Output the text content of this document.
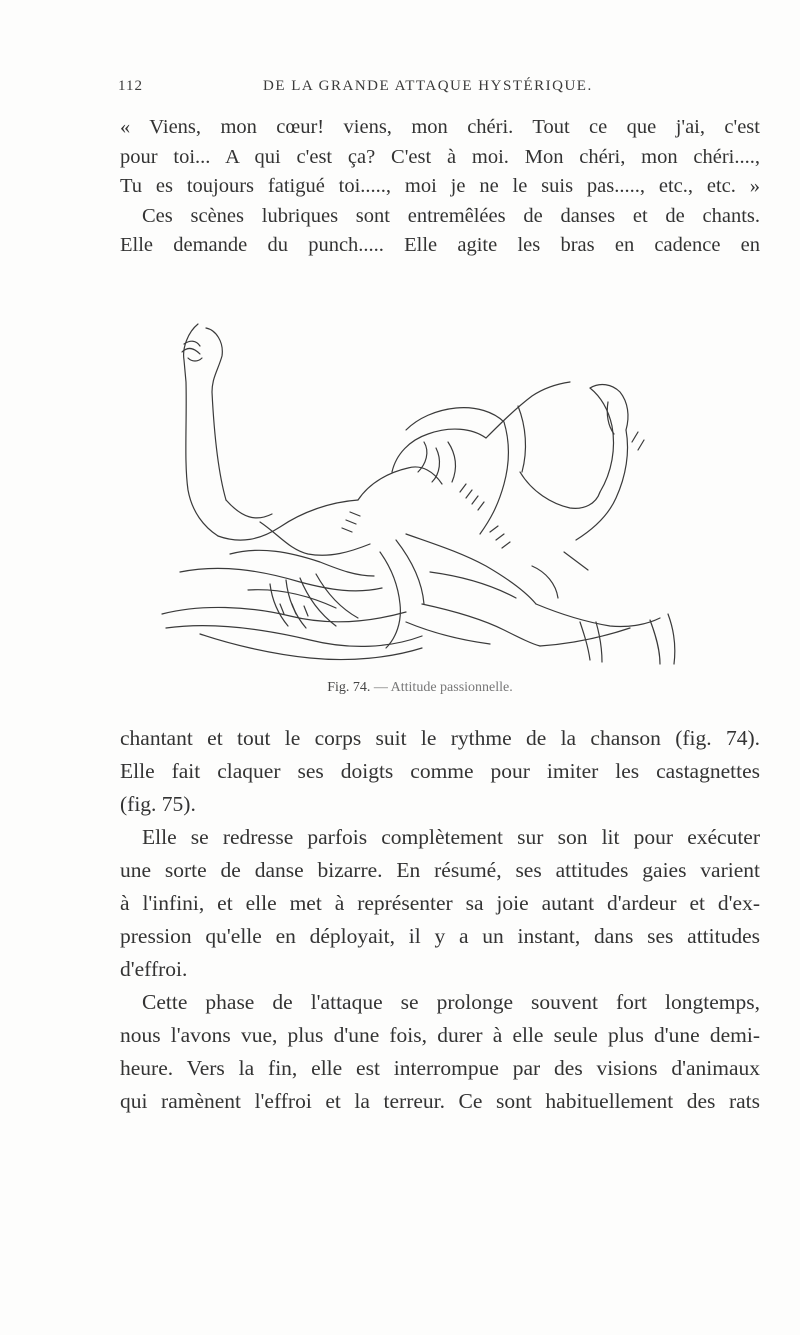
112	DE LA GRANDE ATTAQUE HYSTÉRIQUE.
« Viens, mon cœur! viens, mon chéri. Tout ce que j'ai, c'est
pour toi... A qui c'est ça? C'est à moi. Mon chéri, mon chéri....,
Tu es toujours fatigué toi....., moi je ne le suis pas....., etc., etc. »
Ces scènes lubriques sont entremêlées de danses et de chants.
Elle demande du punch..... Elle agite les bras en cadence en
Fig. 74. — Attitude passionnelle.
chantant et tout le corps suit le rythme de la chanson (fig. 74).
Elle fait claquer ses doigts comme pour imiter les castagnettes
(fig. 75).
Elle se redresse parfois complètement sur son lit pour exécuter
une sorte de danse bizarre. En résumé, ses attitudes gaies varient
à l'infini, et elle met à représenter sa joie autant d'ardeur et d'ex-
pression qu'elle en déployait, il y a un instant, dans ses attitudes
d'effroi.
Cette phase de l'attaque se prolonge souvent fort longtemps,
nous l'avons vue, plus d'une fois, durer à elle seule plus d'une demi-
heure. Vers la fin, elle est interrompue par des visions d'animaux
qui ramènent l'effroi et la terreur. Ce sont habituellement des rats
